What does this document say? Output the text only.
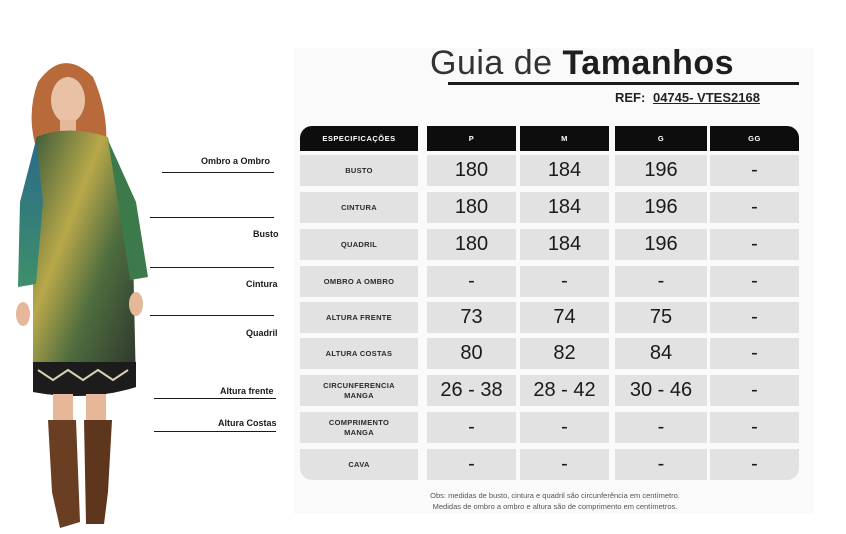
Ombro a Ombro
Busto
Cintura
Quadril
Altura frente
Altura Costas
Guia de Tamanhos
REF: 04745- VTES2168
ESPECIFICAÇÕES	P	M	G	GG
BUSTO	180	184	196	-
CINTURA	180	184	196	-
QUADRIL	180	184	196	-
OMBRO A OMBRO	-	-	-	-
ALTURA FRENTE	73	74	75	-
ALTURA COSTAS	80	82	84	-
CIRCUNFERENCIA
MANGA	26 - 38	28 - 42	30 - 46	-
COMPRIMENTO
MANGA	-	-	-	-
CAVA	-	-	-	-
Obs: medidas de busto, cintura e quadril são circunferência em centímetro.
Medidas de ombro a ombro e altura são de comprimento em centímetros.
